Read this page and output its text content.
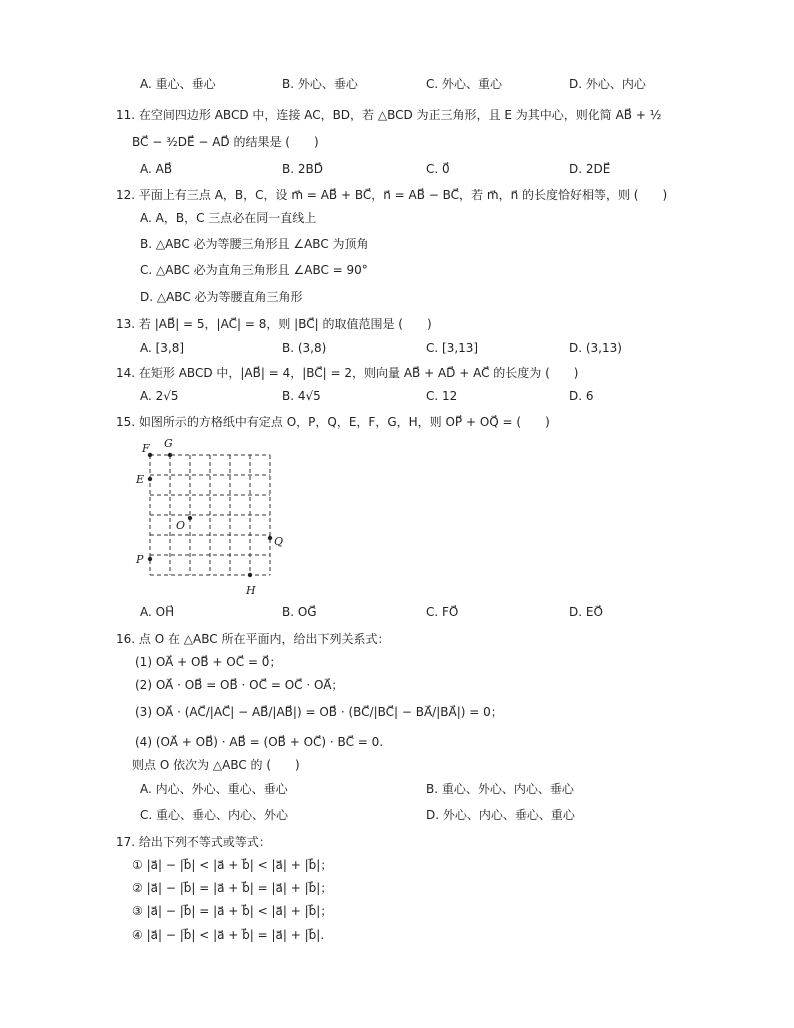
A. 重心、垂心	B. 外心、垂心	C. 外心、重心	D. 外心、内心
11. 在空间四边形 ABCD 中，连接 AC，BD，若 △BCD 为正三角形，且 E 为其中心，则化简 AB⃗ + ½
BC⃗ − ³⁄₂DE⃗ − AD⃗ 的结果是 (　　)
A. AB⃗	B. 2BD⃗	C. 0⃗	D. 2DE⃗
12. 平面上有三点 A，B，C，设 m⃗ = AB⃗ + BC⃗，n⃗ = AB⃗ − BC⃗，若 m⃗，n⃗ 的长度恰好相等，则 (　　)
A. A，B，C 三点必在同一直线上
B. △ABC 必为等腰三角形且 ∠ABC 为顶角
C. △ABC 必为直角三角形且 ∠ABC = 90°
D. △ABC 必为等腰直角三角形
13. 若 |AB⃗| = 5，|AC⃗| = 8，则 |BC⃗| 的取值范围是 (　　)
A. [3,8]	B. (3,8)	C. [3,13]	D. (3,13)
14. 在矩形 ABCD 中，|AB⃗| = 4，|BC⃗| = 2，则向量 AB⃗ + AD⃗ + AC⃗ 的长度为 (　　)
A. 2√5	B. 4√5	C. 12	D. 6
15. 如图所示的方格纸中有定点 O，P，Q，E，F，G，H，则 OP⃗ + OQ⃗ = (　　)
F G
E
O
Q
P
H
A. OH⃗	B. OG⃗	C. FO⃗	D. EO⃗
16. 点 O 在 △ABC 所在平面内，给出下列关系式：
(1) OA⃗ + OB⃗ + OC⃗ = 0⃗；
(2) OA⃗ · OB⃗ = OB⃗ · OC⃗ = OC⃗ · OA⃗；
(3) OA⃗ · (AC⃗/|AC⃗| − AB⃗/|AB⃗|) = OB⃗ · (BC⃗/|BC⃗| − BA⃗/|BA⃗|) = 0；
(4) (OA⃗ + OB⃗) · AB⃗ = (OB⃗ + OC⃗) · BC⃗ = 0.
则点 O 依次为 △ABC 的 (　　)
A. 内心、外心、重心、垂心	B. 重心、外心、内心、垂心
C. 重心、垂心、内心、外心	D. 外心、内心、垂心、重心
17. 给出下列不等式或等式：
① |a⃗| − |b⃗| < |a⃗ + b⃗| < |a⃗| + |b⃗|；
② |a⃗| − |b⃗| = |a⃗ + b⃗| = |a⃗| + |b⃗|；
③ |a⃗| − |b⃗| = |a⃗ + b⃗| < |a⃗| + |b⃗|；
④ |a⃗| − |b⃗| < |a⃗ + b⃗| = |a⃗| + |b⃗|.
